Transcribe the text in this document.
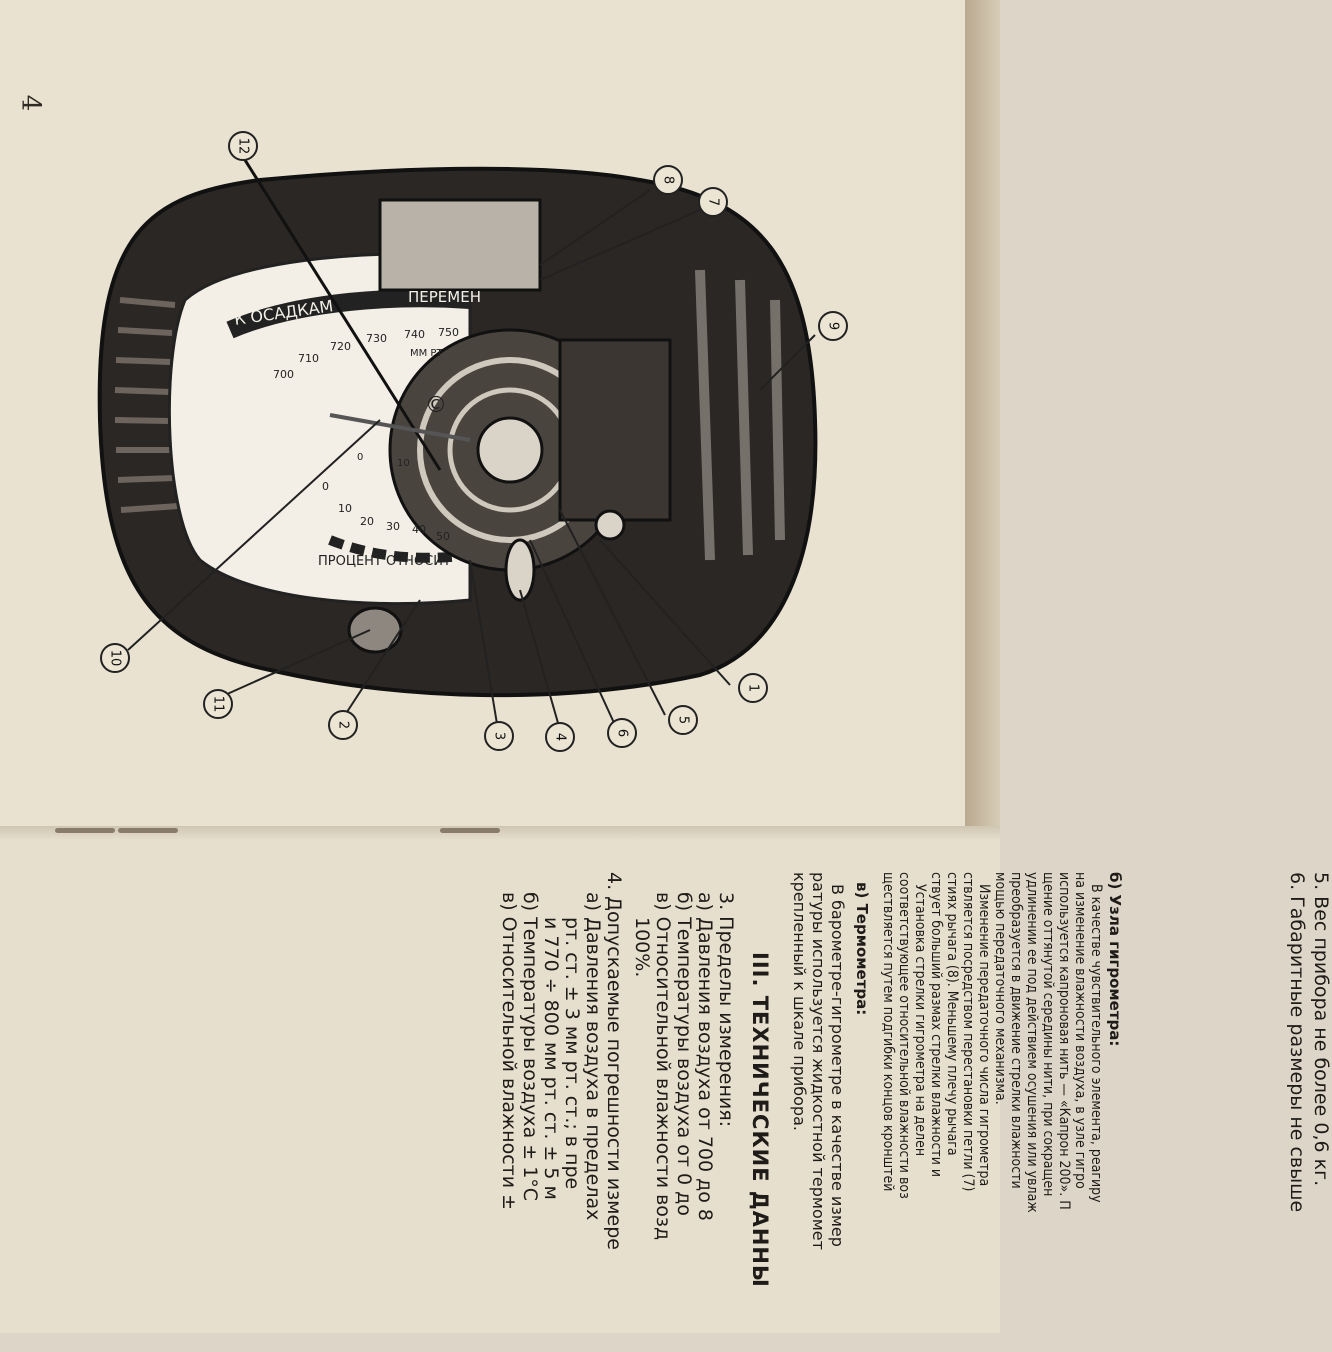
4
К ОСАДКАМ	ПЕРЕМЕН
700
710
720
730 740 750
ММ РТ
©
0
10
0
10
20 30 40
50
ПРОЦЕНТ ОТНОСИТ
1
2
3	4
5
6
7
8
9
10
11
12
б) Узла гигрометра:
В качестве чувствительного элемента, реагиру
на изменение влажности воздуха, в узле гигро
используется капроновая нить — «Капрон 200». П
щение оттянутой середины нити, при сокращен
удлинении ее под действием осушения или увлаж
преобразуется в движение стрелки влажности
мощью передаточного механизма.
Изменение передаточного числа гигрометра
ствляется посредством перестановки петли (7)
стиях рычага (8). Меньшему плечу рычага
ствует больший размах стрелки влажности и
Установка стрелки гигрометра на делен
соответствующее относительной влажности воз
ществляется путем подгибки концов кронштей
в) Термометра:
В барометре-гигрометре в качестве измер
ратуры используется жидкостной термомет
крепленный к шкале прибора.
III. ТЕХНИЧЕСКИЕ ДАННЫ
3. Пределы измерения:
а) Давления воздуха от 700 до 8
б) Температуры воздуха от 0 до
в) Относительной влажности возд
100%.
4. Допускаемые погрешности измере
а) Давления воздуха в пределах
рт. ст. ± 3 мм рт. ст.; в пре
и 770 ÷ 800 мм рт. ст. ± 5 м
б) Температуры воздуха ± 1°C
в) Относительной влажности ±	5. Вес прибора не более 0,6 кг.
6. Габаритные размеры не свыше
